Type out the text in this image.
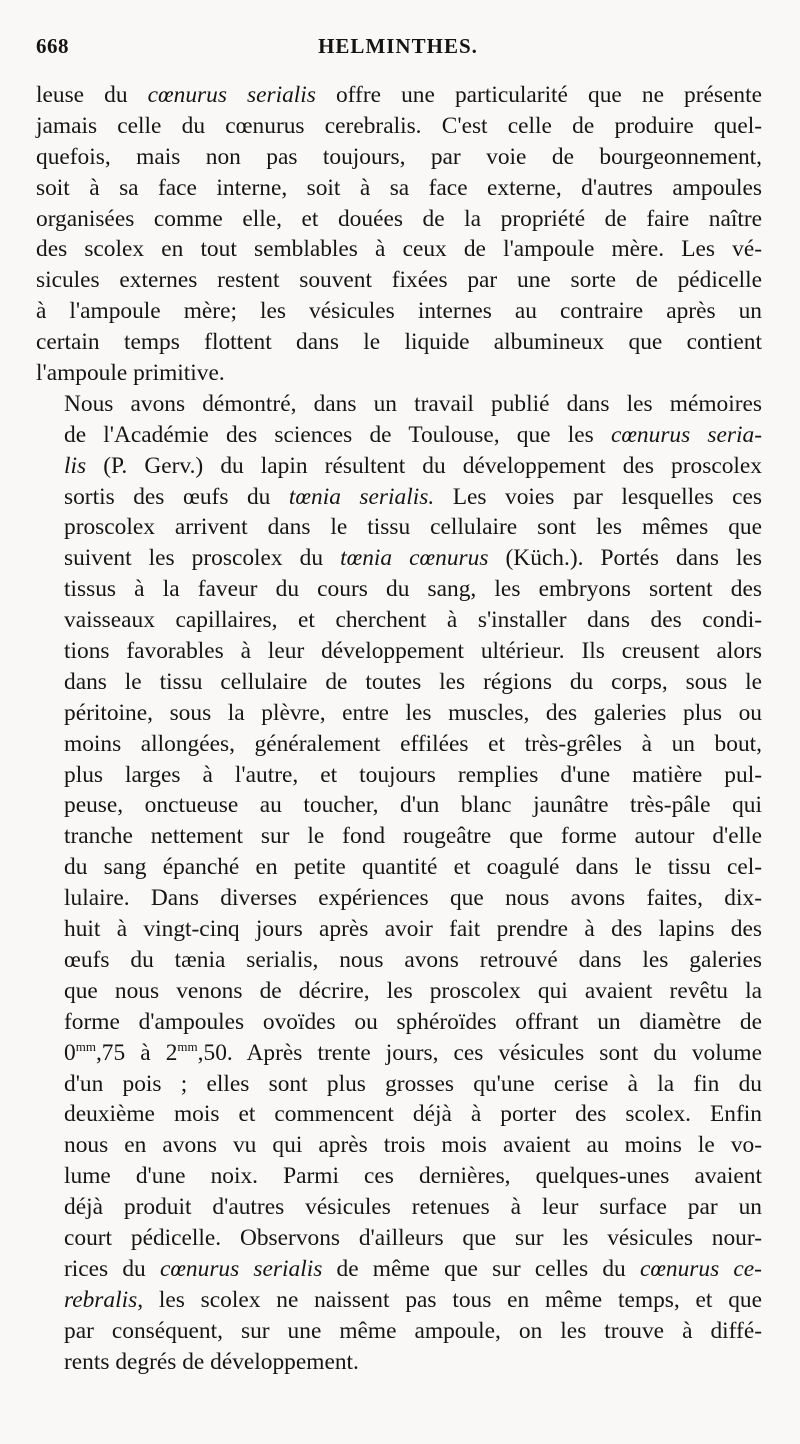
668	HELMINTHES.
leuse du cœnurus serialis offre une particularité que ne présente
jamais celle du cœnurus cerebralis. C'est celle de produire quel-
quefois, mais non pas toujours, par voie de bourgeonnement,
soit à sa face interne, soit à sa face externe, d'autres ampoules
organisées comme elle, et douées de la propriété de faire naître
des scolex en tout semblables à ceux de l'ampoule mère. Les vé-
sicules externes restent souvent fixées par une sorte de pédicelle
à l'ampoule mère; les vésicules internes au contraire après un
certain temps flottent dans le liquide albumineux que contient
l'ampoule primitive.
Nous avons démontré, dans un travail publié dans les mémoires
de l'Académie des sciences de Toulouse, que les cœnurus seria-
lis (P. Gerv.) du lapin résultent du développement des proscolex
sortis des œufs du tœnia serialis. Les voies par lesquelles ces
proscolex arrivent dans le tissu cellulaire sont les mêmes que
suivent les proscolex du tœnia cœnurus (Küch.). Portés dans les
tissus à la faveur du cours du sang, les embryons sortent des
vaisseaux capillaires, et cherchent à s'installer dans des condi-
tions favorables à leur développement ultérieur. Ils creusent alors
dans le tissu cellulaire de toutes les régions du corps, sous le
péritoine, sous la plèvre, entre les muscles, des galeries plus ou
moins allongées, généralement effilées et très-grêles à un bout,
plus larges à l'autre, et toujours remplies d'une matière pul-
peuse, onctueuse au toucher, d'un blanc jaunâtre très-pâle qui
tranche nettement sur le fond rougeâtre que forme autour d'elle
du sang épanché en petite quantité et coagulé dans le tissu cel-
lulaire. Dans diverses expériences que nous avons faites, dix-
huit à vingt-cinq jours après avoir fait prendre à des lapins des
œufs du tænia serialis, nous avons retrouvé dans les galeries
que nous venons de décrire, les proscolex qui avaient revêtu la
forme d'ampoules ovoïdes ou sphéroïdes offrant un diamètre de
$0^{mm},75$ à $2^{mm},50$. Après trente jours, ces vésicules sont du volume
d'un pois ; elles sont plus grosses qu'une cerise à la fin du
deuxième mois et commencent déjà à porter des scolex. Enfin
nous en avons vu qui après trois mois avaient au moins le vo-
lume d'une noix. Parmi ces dernières, quelques-unes avaient
déjà produit d'autres vésicules retenues à leur surface par un
court pédicelle. Observons d'ailleurs que sur les vésicules nour-
rices du cœnurus serialis de même que sur celles du cœnurus ce-
rebralis, les scolex ne naissent pas tous en même temps, et que
par conséquent, sur une même ampoule, on les trouve à diffé-
rents degrés de développement.
